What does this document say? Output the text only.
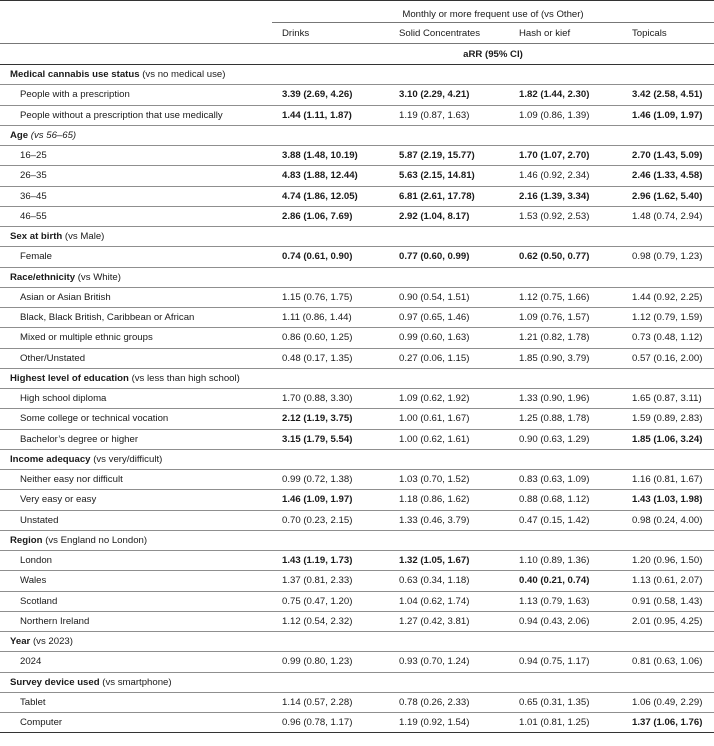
	Monthly or more frequent use of (vs Other)			
	Drinks	Solid Concentrates	Hash or kief	Topicals
	aRR (95% CI)			
Medical cannabis use status (vs no medical use)				
People with a prescription	3.39 (2.69, 4.26)	3.10 (2.29, 4.21)	1.82 (1.44, 2.30)	3.42 (2.58, 4.51)
People without a prescription that use medically	1.44 (1.11, 1.87)	1.19 (0.87, 1.63)	1.09 (0.86, 1.39)	1.46 (1.09, 1.97)
Age (vs 56–65)				
16–25	3.88 (1.48, 10.19)	5.87 (2.19, 15.77)	1.70 (1.07, 2.70)	2.70 (1.43, 5.09)
26–35	4.83 (1.88, 12.44)	5.63 (2.15, 14.81)	1.46 (0.92, 2.34)	2.46 (1.33, 4.58)
36–45	4.74 (1.86, 12.05)	6.81 (2.61, 17.78)	2.16 (1.39, 3.34)	2.96 (1.62, 5.40)
46–55	2.86 (1.06, 7.69)	2.92 (1.04, 8.17)	1.53 (0.92, 2.53)	1.48 (0.74, 2.94)
Sex at birth (vs Male)				
Female	0.74 (0.61, 0.90)	0.77 (0.60, 0.99)	0.62 (0.50, 0.77)	0.98 (0.79, 1.23)
Race/ethnicity (vs White)				
Asian or Asian British	1.15 (0.76, 1.75)	0.90 (0.54, 1.51)	1.12 (0.75, 1.66)	1.44 (0.92, 2.25)
Black, Black British, Caribbean or African	1.11 (0.86, 1.44)	0.97 (0.65, 1.46)	1.09 (0.76, 1.57)	1.12 (0.79, 1.59)
Mixed or multiple ethnic groups	0.86 (0.60, 1.25)	0.99 (0.60, 1.63)	1.21 (0.82, 1.78)	0.73 (0.48, 1.12)
Other/Unstated	0.48 (0.17, 1.35)	0.27 (0.06, 1.15)	1.85 (0.90, 3.79)	0.57 (0.16, 2.00)
Highest level of education (vs less than high school)				
High school diploma	1.70 (0.88, 3.30)	1.09 (0.62, 1.92)	1.33 (0.90, 1.96)	1.65 (0.87, 3.11)
Some college or technical vocation	2.12 (1.19, 3.75)	1.00 (0.61, 1.67)	1.25 (0.88, 1.78)	1.59 (0.89, 2.83)
Bachelor’s degree or higher	3.15 (1.79, 5.54)	1.00 (0.62, 1.61)	0.90 (0.63, 1.29)	1.85 (1.06, 3.24)
Income adequacy (vs very/difficult)				
Neither easy nor difficult	0.99 (0.72, 1.38)	1.03 (0.70, 1.52)	0.83 (0.63, 1.09)	1.16 (0.81, 1.67)
Very easy or easy	1.46 (1.09, 1.97)	1.18 (0.86, 1.62)	0.88 (0.68, 1.12)	1.43 (1.03, 1.98)
Unstated	0.70 (0.23, 2.15)	1.33 (0.46, 3.79)	0.47 (0.15, 1.42)	0.98 (0.24, 4.00)
Region (vs England no London)				
London	1.43 (1.19, 1.73)	1.32 (1.05, 1.67)	1.10 (0.89, 1.36)	1.20 (0.96, 1.50)
Wales	1.37 (0.81, 2.33)	0.63 (0.34, 1.18)	0.40 (0.21, 0.74)	1.13 (0.61, 2.07)
Scotland	0.75 (0.47, 1.20)	1.04 (0.62, 1.74)	1.13 (0.79, 1.63)	0.91 (0.58, 1.43)
Northern Ireland	1.12 (0.54, 2.32)	1.27 (0.42, 3.81)	0.94 (0.43, 2.06)	2.01 (0.95, 4.25)
Year (vs 2023)				
2024	0.99 (0.80, 1.23)	0.93 (0.70, 1.24)	0.94 (0.75, 1.17)	0.81 (0.63, 1.06)
Survey device used (vs smartphone)				
Tablet	1.14 (0.57, 2.28)	0.78 (0.26, 2.33)	0.65 (0.31, 1.35)	1.06 (0.49, 2.29)
Computer	0.96 (0.78, 1.17)	1.19 (0.92, 1.54)	1.01 (0.81, 1.25)	1.37 (1.06, 1.76)
